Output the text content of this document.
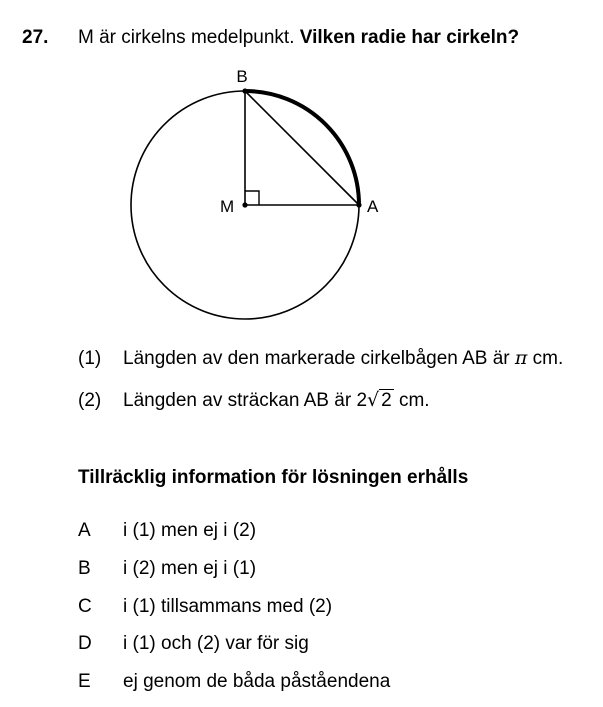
27. M är cirkelns medelpunkt. Vilken radie har cirkeln?
B
M	A
(1) Längden av den markerade cirkelbågen AB är π cm.
(2) Längden av sträckan AB är 2√ 2 cm.
Tillräcklig information för lösningen erhålls
A i (1) men ej i (2)
B i (2) men ej i (1)
C i (1) tillsammans med (2)
D i (1) och (2) var för sig
E ej genom de båda påståendena
